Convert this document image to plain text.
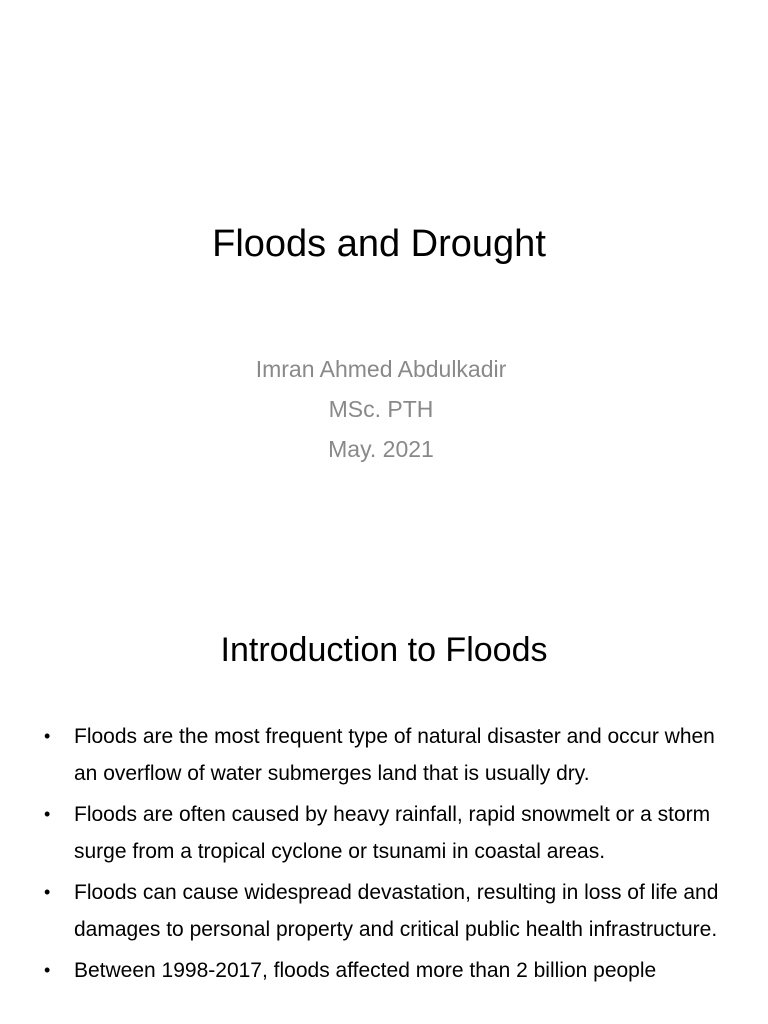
Floods and Drought
Imran Ahmed Abdulkadir
MSc. PTH
May. 2021
Introduction to Floods
• Floods are the most frequent type of natural disaster and occur when an overflow of water submerges land that is usually dry.
• Floods are often caused by heavy rainfall, rapid snowmelt or a storm surge from a tropical cyclone or tsunami in coastal areas.
• Floods can cause widespread devastation, resulting in loss of life and damages to personal property and critical public health infrastructure.
• Between 1998-2017, floods affected more than 2 billion people
